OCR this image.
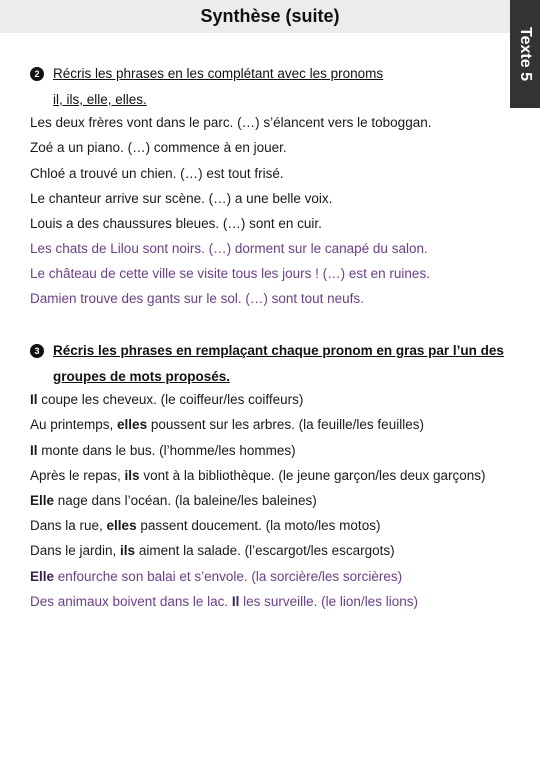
Synthèse (suite)
Texte 5
2 Récris les phrases en les complétant avec les pronoms
il, ils, elle, elles.
Les deux frères vont dans le parc. (…) s’élancent vers le toboggan.
Zoé a un piano. (…) commence à en jouer.
Chloé a trouvé un chien. (…) est tout frisé.
Le chanteur arrive sur scène. (…) a une belle voix.
Louis a des chaussures bleues. (…) sont en cuir.
Les chats de Lilou sont noirs. (…) dorment sur le canapé du salon.
Le château de cette ville se visite tous les jours ! (…) est en ruines.
Damien trouve des gants sur le sol. (…) sont tout neufs.
3 Récris les phrases en remplaçant chaque pronom en gras par l’un des
groupes de mots proposés.
Il coupe les cheveux. (le coiffeur/les coiffeurs)
Au printemps, elles poussent sur les arbres. (la feuille/les feuilles)
Il monte dans le bus. (l’homme/les hommes)
Après le repas, ils vont à la bibliothèque. (le jeune garçon/les deux garçons)
Elle nage dans l’océan. (la baleine/les baleines)
Dans la rue, elles passent doucement. (la moto/les motos)
Dans le jardin, ils aiment la salade. (l’escargot/les escargots)
Elle enfourche son balai et s’envole. (la sorcière/les sorcières)
Des animaux boivent dans le lac. Il les surveille. (le lion/les lions)
